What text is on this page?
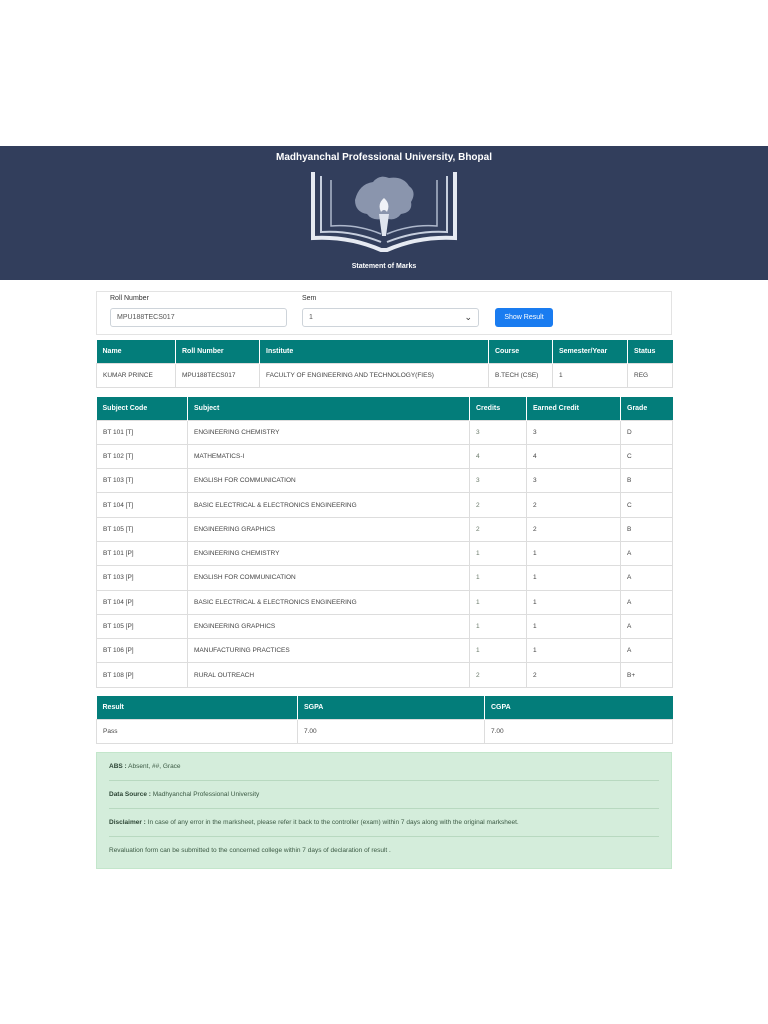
Madhyanchal Professional University, Bhopal
Statement of Marks
Roll Number
MPU188TECS017
Sem
1	⌄	Show Result
Name	Roll Number	Institute	Course	Semester/Year	Status
KUMAR PRINCE	MPU188TECS017	FACULTY OF ENGINEERING AND TECHNOLOGY(FIES)	B.TECH (CSE)	1	REG
Subject Code	Subject	Credits	Earned Credit	Grade
BT 101 [T]	ENGINEERING CHEMISTRY	3	3	D
BT 102 [T]	MATHEMATICS-I	4	4	C
BT 103 [T]	ENGLISH FOR COMMUNICATION	3	3	B
BT 104 [T]	BASIC ELECTRICAL & ELECTRONICS ENGINEERING	2	2	C
BT 105 [T]	ENGINEERING GRAPHICS	2	2	B
BT 101 [P]	ENGINEERING CHEMISTRY	1	1	A
BT 103 [P]	ENGLISH FOR COMMUNICATION	1	1	A
BT 104 [P]	BASIC ELECTRICAL & ELECTRONICS ENGINEERING	1	1	A
BT 105 [P]	ENGINEERING GRAPHICS	1	1	A
BT 106 [P]	MANUFACTURING PRACTICES	1	1	A
BT 108 [P]	RURAL OUTREACH	2	2	B+
Result	SGPA	CGPA
Pass	7.00	7.00
ABS : Absent, ##, Grace
Data Source : Madhyanchal Professional University
Disclaimer : In case of any error in the marksheet, please refer it back to the controller (exam) within 7 days along with the original marksheet.
Revaluation form can be submitted to the concerned college within 7 days of declaration of result .
